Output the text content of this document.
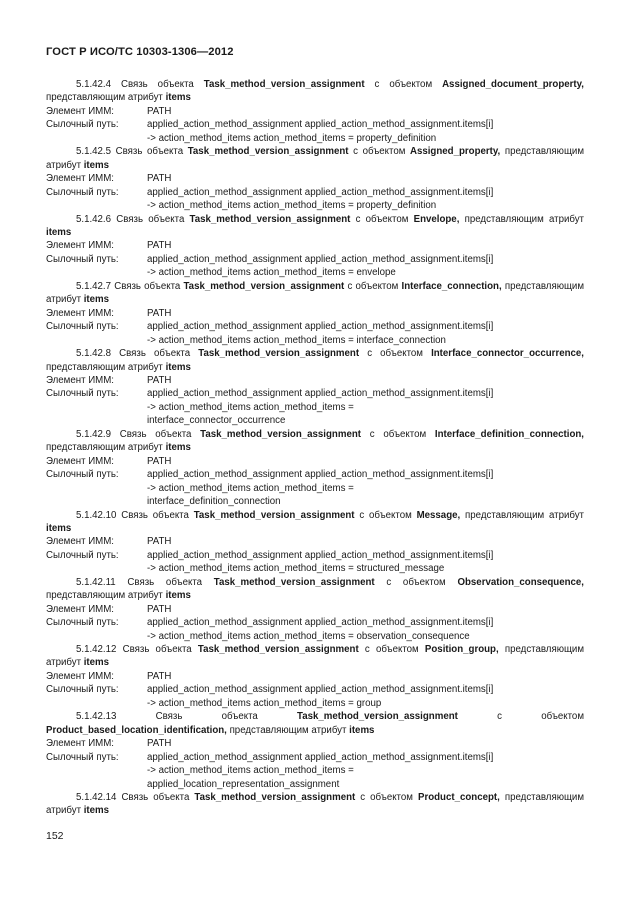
ГОСТ Р ИСО/ТС 10303-1306—2012
5.1.42.4 Связь объекта Task_method_version_assignment с объектом Assigned_document_property, представляющим атрибут items
Элемент ИММ:	PATH
Сылочный путь:	applied_action_method_assignment applied_action_method_assignment.items[i]
-> action_method_items action_method_items = property_definition
5.1.42.5 Связь объекта Task_method_version_assignment с объектом Assigned_property, представляющим атрибут items
Элемент ИММ:	PATH
Сылочный путь:	applied_action_method_assignment applied_action_method_assignment.items[i]
-> action_method_items action_method_items = property_definition
5.1.42.6 Связь объекта Task_method_version_assignment с объектом Envelope, представляющим атрибут items
Элемент ИММ:	PATH
Сылочный путь:	applied_action_method_assignment applied_action_method_assignment.items[i]
-> action_method_items action_method_items = envelope
5.1.42.7 Связь объекта Task_method_version_assignment с объектом Interface_connection, представляющим атрибут items
Элемент ИММ:	PATH
Сылочный путь:	applied_action_method_assignment applied_action_method_assignment.items[i]
-> action_method_items action_method_items = interface_connection
5.1.42.8 Связь объекта Task_method_version_assignment с объектом Interface_connector_occurrence, представляющим атрибут items
Элемент ИММ:	PATH
Сылочный путь:	applied_action_method_assignment applied_action_method_assignment.items[i]
-> action_method_items action_method_items =
interface_connector_occurrence
5.1.42.9 Связь объекта Task_method_version_assignment с объектом Interface_definition_connection, представляющим атрибут items
Элемент ИММ:	PATH
Сылочный путь:	applied_action_method_assignment applied_action_method_assignment.items[i]
-> action_method_items action_method_items =
interface_definition_connection
5.1.42.10 Связь объекта Task_method_version_assignment с объектом Message, представляющим атрибут items
Элемент ИММ:	PATH
Сылочный путь:	applied_action_method_assignment applied_action_method_assignment.items[i]
-> action_method_items action_method_items = structured_message
5.1.42.11 Связь объекта Task_method_version_assignment с объектом Observation_consequence, представляющим атрибут items
Элемент ИММ:	PATH
Сылочный путь:	applied_action_method_assignment applied_action_method_assignment.items[i]
-> action_method_items action_method_items = observation_consequence
5.1.42.12 Связь объекта Task_method_version_assignment с объектом Position_group, представляющим атрибут items
Элемент ИММ:	PATH
Сылочный путь:	applied_action_method_assignment applied_action_method_assignment.items[i]
-> action_method_items action_method_items = group
5.1.42.13 Связь объекта Task_method_version_assignment с объектом Product_based_location_identification, представляющим атрибут items
Элемент ИММ:	PATH
Сылочный путь:	applied_action_method_assignment applied_action_method_assignment.items[i]
-> action_method_items action_method_items =
applied_location_representation_assignment
5.1.42.14 Связь объекта Task_method_version_assignment с объектом Product_concept, представляющим атрибут items
152
